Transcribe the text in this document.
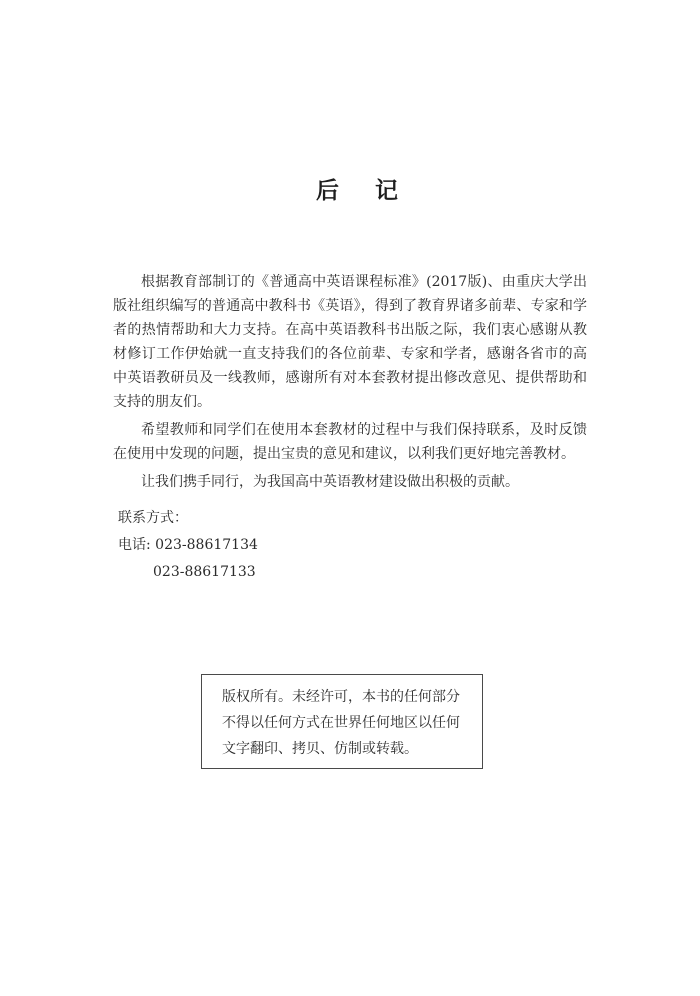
后 记

根据教育部制订的《普通高中英语课程标准》(2017版)、由重庆大学出版社组织编写的普通高中教科书《英语》，得到了教育界诸多前辈、专家和学者的热情帮助和大力支持。在高中英语教科书出版之际，我们衷心感谢从教材修订工作伊始就一直支持我们的各位前辈、专家和学者，感谢各省市的高中英语教研员及一线教师，感谢所有对本套教材提出修改意见、提供帮助和支持的朋友们。

希望教师和同学们在使用本套教材的过程中与我们保持联系，及时反馈在使用中发现的问题，提出宝贵的意见和建议，以利我们更好地完善教材。

让我们携手同行，为我国高中英语教材建设做出积极的贡献。

联系方式：
电话: 023-88617134
023-88617133
版权所有。未经许可，本书的任何部分
不得以任何方式在世界任何地区以任何
文字翻印、拷贝、仿制或转载。
